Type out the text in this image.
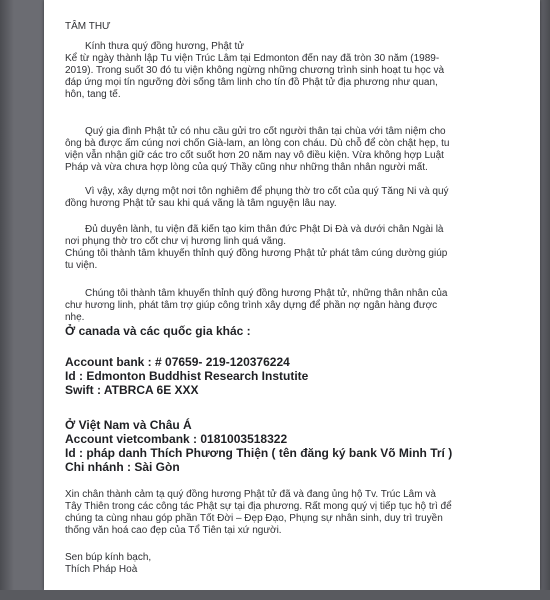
TÂM THƯ
Kính thưa quý đồng hương, Phật tử
Kể từ ngày thành lập Tu viện Trúc Lâm tại Edmonton đến nay đã tròn 30 năm (1989-
2019). Trong suốt 30 đó tu viện không ngừng những chương trình sinh hoạt tu học và
đáp ứng mọi tín ngưỡng đời sống tâm linh cho tín đồ Phật tử địa phương như quan,
hôn, tang tế.
Quý gia đình Phật tử có nhu cầu gửi tro cốt người thân tại chùa với tâm niệm cho
ông bà được ấm cúng nơi chốn Già-lam, an lòng con cháu. Dù chỗ để còn chật hẹp, tu
viện vẫn nhận giữ các tro cốt suốt hơn 20 năm nay vô điều kiện. Vừa không hợp Luật
Pháp và vừa chưa hợp lòng của quý Thầy cũng như những thân nhân người mất.
Vì vậy, xây dựng một nơi tôn nghiêm để phụng thờ tro cốt của quý Tăng Ni và quý
đồng hương Phật tử sau khi quá vãng là tâm nguyện lâu nay.
Đủ duyên lành, tu viện đã kiến tạo kim thân đức Phật Di Đà và dưới chân Ngài là
nơi phụng thờ tro cốt chư vị hương linh quá vãng.
Chúng tôi thành tâm khuyến thỉnh quý đồng hương Phật tử phát tâm cúng dường giúp
tu viện.
Chúng tôi thành tâm khuyến thỉnh quý đồng hương Phật tử, những thân nhân của
chư hương linh, phát tâm trợ giúp công trình xây dựng để phần nợ ngân hàng được
nhẹ.
Ở canada và các quốc gia khác :
Account bank : # 07659- 219-120376224
Id : Edmonton Buddhist Research Instutite
Swift : ATBRCA 6E XXX
Ở Việt Nam và Châu Á
Account vietcombank : 0181003518322
Id : pháp danh Thích Phương Thiện ( tên đăng ký bank Võ Minh Trí )
Chi nhánh : Sài Gòn
Xin chân thành cảm tạ quý đồng hương Phật tử đã và đang ủng hộ Tv. Trúc Lâm và
Tây Thiên trong các công tác Phật sự tại địa phương. Rất mong quý vị tiếp tục hộ trì để
chúng ta cùng nhau góp phần Tốt Đời – Đẹp Đạo, Phụng sự nhân sinh, duy trì truyền
thống văn hoá cao đẹp của Tổ Tiên tại xứ người.
Sen búp kính bạch,
Thích Pháp Hoà
